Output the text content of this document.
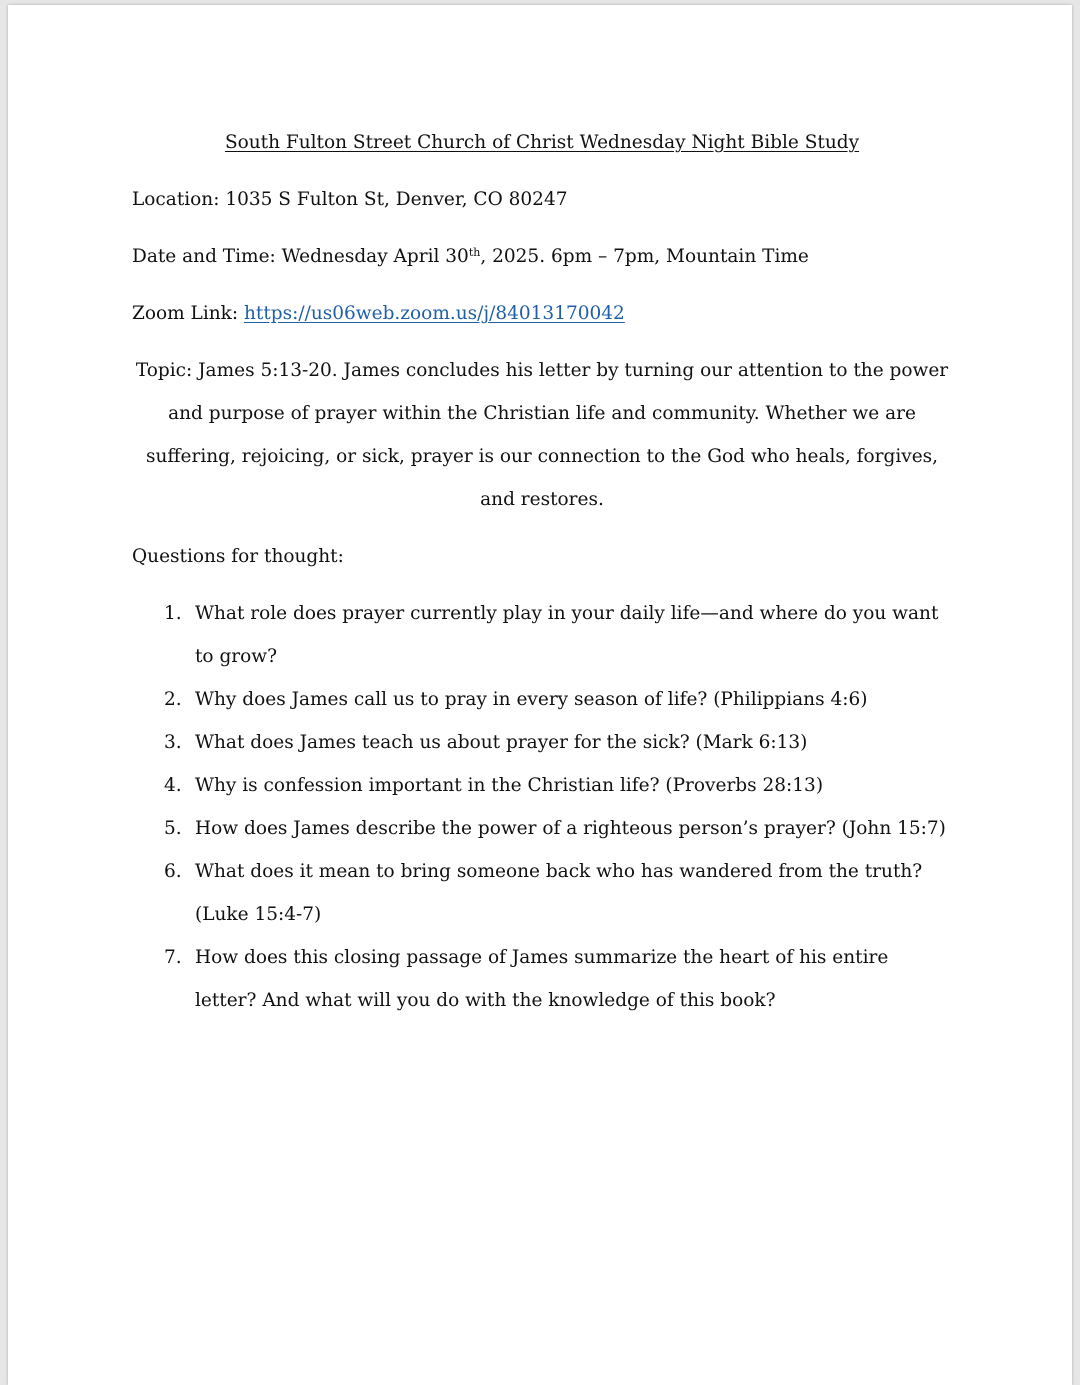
South Fulton Street Church of Christ Wednesday Night Bible Study
Location: 1035 S Fulton St, Denver, CO 80247
Date and Time: Wednesday April 30th, 2025. 6pm – 7pm, Mountain Time
Zoom Link: https://us06web.zoom.us/j/84013170042
Topic: James 5:13-20. James concludes his letter by turning our attention to the power and purpose of prayer within the Christian life and community. Whether we are suffering, rejoicing, or sick, prayer is our connection to the God who heals, forgives, and restores.
Questions for thought:
1. What role does prayer currently play in your daily life—and where do you want to grow?
2. Why does James call us to pray in every season of life? (Philippians 4:6)
3. What does James teach us about prayer for the sick? (Mark 6:13)
4. Why is confession important in the Christian life? (Proverbs 28:13)
5. How does James describe the power of a righteous person’s prayer? (John 15:7)
6. What does it mean to bring someone back who has wandered from the truth? (Luke 15:4-7)
7. How does this closing passage of James summarize the heart of his entire letter? And what will you do with the knowledge of this book?
